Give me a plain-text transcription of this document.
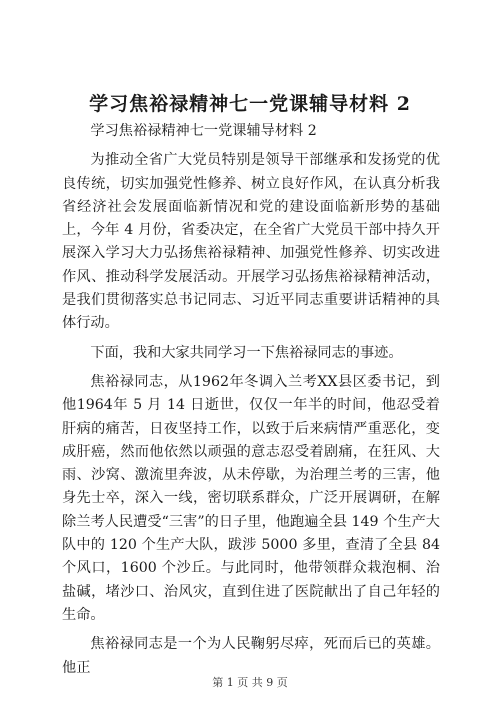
学习焦裕禄精神七一党课辅导材料 2

学习焦裕禄精神七一党课辅导材料 2

为推动全省广大党员特别是领导干部继承和发扬党的优良传统，切实加强党性修养、树立良好作风，在认真分析我省经济社会发展面临新情况和党的建设面临新形势的基础上，今年 4 月份，省委决定，在全省广大党员干部中持久开展深入学习大力弘扬焦裕禄精神、加强党性修养、切实改进作风、推动科学发展活动。开展学习弘扬焦裕禄精神活动，是我们贯彻落实总书记同志、习近平同志重要讲话精神的具体行动。

下面，我和大家共同学习一下焦裕禄同志的事迹。

焦裕禄同志，从1962年冬调入兰考XX县区委书记，到他1964年 5 月 14 日逝世，仅仅一年半的时间，他忍受着肝病的痛苦，日夜坚持工作，以致于后来病情严重恶化，变成肝癌，然而他依然以顽强的意志忍受着剧痛，在狂风、大雨、沙窝、激流里奔波，从未停歇，为治理兰考的三害，他身先士卒，深入一线，密切联系群众，广泛开展调研，在解除兰考人民遭受“三害”的日子里，他跑遍全县 149 个生产大队中的 120 个生产大队，跋涉 5000 多里，查清了全县 84 个风口，1600 个沙丘。与此同时，他带领群众栽泡桐、治盐碱，堵沙口、治风灾，直到住进了医院献出了自己年轻的生命。

焦裕禄同志是一个为人民鞠躬尽瘁，死而后已的英雄。他正

第 1 页 共 9 页
